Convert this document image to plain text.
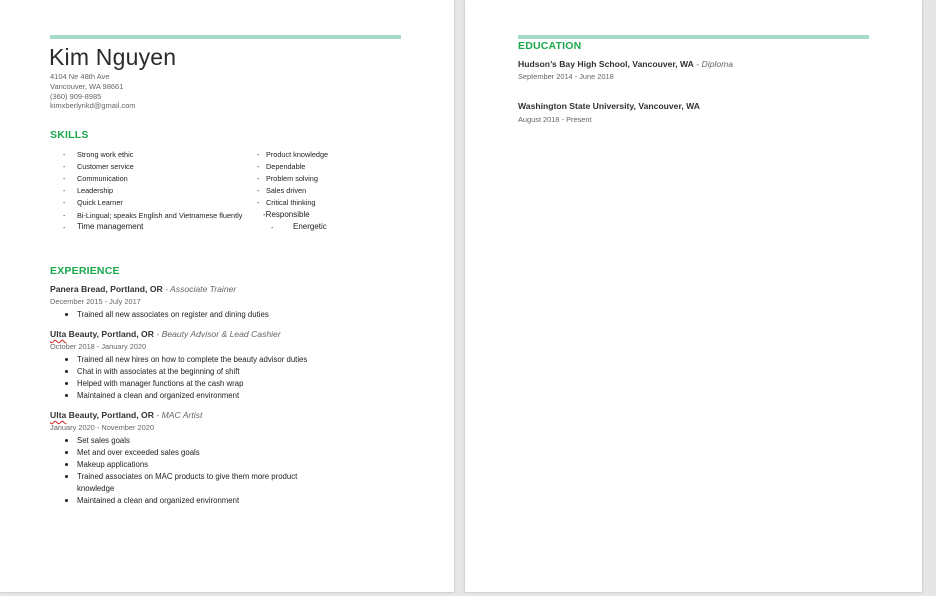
Kim Nguyen
4104 Ne 48th Ave
Vancouver, WA 98661
(360) 909-8985
kimxberlynkd@gmail.com
SKILLS
- Strong work ethic
- Customer service
- Communication
- Leadership
- Quick Learner
- Bi-Lingual; speaks English and Vietnamese fluently
- Time management
- Product knowledge
- Dependable
- Problem solving
- Sales driven
- Critical thinking
-Responsible
- Energetic
EXPERIENCE
Panera Bread, Portland, OR - Associate Trainer
December 2015 - July 2017
Trained all new associates on register and dining duties
Ulta Beauty, Portland, OR - Beauty Advisor & Lead Cashier
October 2018 - January 2020
Trained all new hires on how to complete the beauty advisor duties
Chat in with associates at the beginning of shift
Helped with manager functions at the cash wrap
Maintained a clean and organized environment
Ulta Beauty, Portland, OR - MAC Artist
January 2020 - November 2020
Set sales goals
Met and over exceeded sales goals
Makeup applications
Trained associates on MAC products to give them more product knowledge
Maintained a clean and organized environment
EDUCATION
Hudson’s Bay High School, Vancouver, WA - Diploma
September 2014 - June 2018
Washington State University, Vancouver, WA
August 2018 - Present
